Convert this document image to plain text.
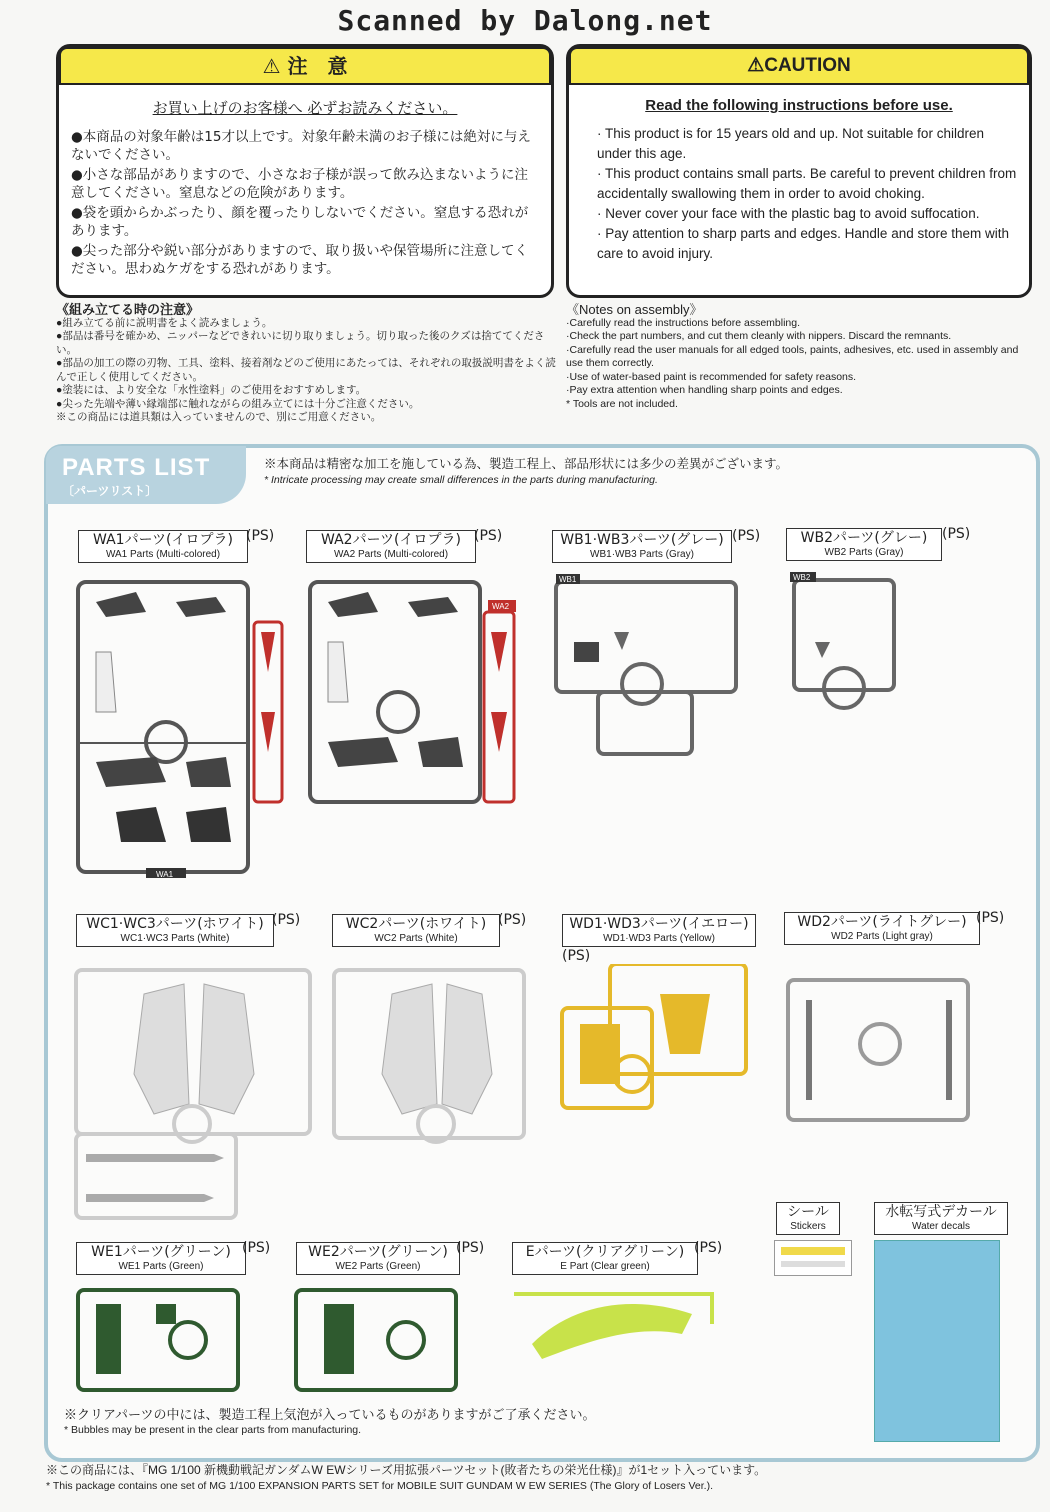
Scanned by Dalong.net
⚠ 注　意
お買い上げのお客様へ 必ずお読みください。
●本商品の対象年齢は15才以上です。対象年齢未満のお子様には絶対に与えないでください。
●小さな部品がありますので、小さなお子様が誤って飲み込まないように注意してください。窒息などの危険があります。
●袋を頭からかぶったり、顔を覆ったりしないでください。窒息する恐れがあります。
●尖った部分や鋭い部分がありますので、取り扱いや保管場所に注意してください。思わぬケガをする恐れがあります。
⚠CAUTION
Read the following instructions before use.
· This product is for 15 years old and up. Not suitable for children under this age.
· This product contains small parts. Be careful to prevent children from accidentally swallowing them in order to avoid choking.
· Never cover your face with the plastic bag to avoid suffocation.
· Pay attention to sharp parts and edges. Handle and store them with care to avoid injury.
《組み立てる時の注意》
●組み立てる前に説明書をよく読みましょう。
●部品は番号を確かめ、ニッパーなどできれいに切り取りましょう。切り取った後のクズは捨ててください。
●部品の加工の際の刃物、工具、塗料、接着剤などのご使用にあたっては、それぞれの取扱説明書をよく読んで正しく使用してください。
●塗装には、より安全な「水性塗料」のご使用をおすすめします。
●尖った先端や薄い縁端部に触れながらの組み立てには十分ご注意ください。
※この商品には道具類は入っていませんので、別にご用意ください。
《Notes on assembly》
·Carefully read the instructions before assembling.
·Check the part numbers, and cut them cleanly with nippers. Discard the remnants.
·Carefully read the user manuals for all edged tools, paints, adhesives, etc. used in assembly and use them correctly.
·Use of water-based paint is recommended for safety reasons.
·Pay extra attention when handling sharp points and edges.
* Tools are not included.
PARTS LIST
〔パーツリスト〕
※本商品は精密な加工を施している為、製造工程上、部品形状には多少の差異がございます。
* Intricate processing may create small differences in the parts during manufacturing.
WA1パーツ(イロプラ)
WA1 Parts (Multi-colored)
(PS)	WA2パーツ(イロプラ)
WA2 Parts (Multi-colored)
(PS)	WB1·WB3パーツ(グレー)
WB1·WB3 Parts (Gray)
(PS)	WB2パーツ(グレー)
WB2 Parts (Gray)
(PS)
WA1
WA2
WB1	WB2
WC1·WC3パーツ(ホワイト)
WC1·WC3 Parts (White)
(PS)	WC2パーツ(ホワイト)
WC2 Parts (White)
(PS)	WD1·WD3パーツ(イエロー)
WD1·WD3 Parts (Yellow)
(PS)
WD2パーツ(ライトグレー)
WD2 Parts (Light gray)
(PS)
WE1パーツ(グリーン)
WE1 Parts (Green)
(PS)	WE2パーツ(グリーン)
WE2 Parts (Green)
(PS)	Eパーツ(クリアグリーン)
E Part (Clear green)
(PS)
シール
Stickers
水転写式デカール
Water decals
※クリアパーツの中には、製造工程上気泡が入っているものがありますがご了承ください。
* Bubbles may be present in the clear parts from manufacturing.
※この商品には、『MG 1/100 新機動戦記ガンダムW EWシリーズ用拡張パーツセット(敗者たちの栄光仕様)』が1セット入っています。
* This package contains one set of MG 1/100 EXPANSION PARTS SET for MOBILE SUIT GUNDAM W EW SERIES (The Glory of Losers Ver.).
